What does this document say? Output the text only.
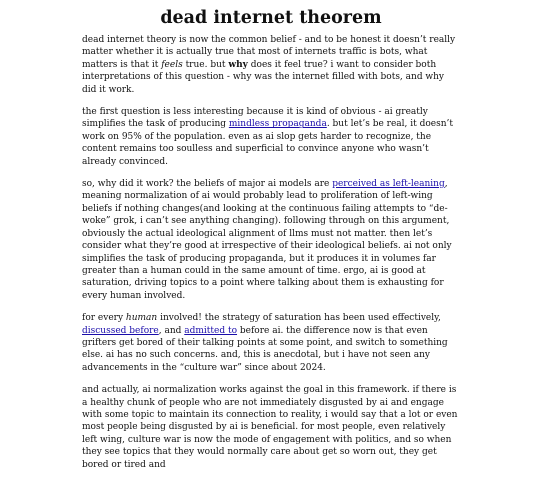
dead internet theorem

dead internet theory is now the common belief - and to be honest it doesn’t really matter whether it is actually true that most of internets traffic is bots, what matters is that it feels true. but why does it feel true? i want to consider both interpretations of this question - why was the internet filled with bots, and why did it work.

the first question is less interesting because it is kind of obvious - ai greatly simplifies the task of producing mindless propaganda. but let’s be real, it doesn’t work on 95% of the population. even as ai slop gets harder to recognize, the content remains too soulless and superficial to convince anyone who wasn’t already convinced.

so, why did it work? the beliefs of major ai models are perceived as left-leaning, meaning normalization of ai would probably lead to proliferation of left-wing beliefs if nothing changes(and looking at the continuous failing attempts to “de-woke” grok, i can’t see anything changing). following through on this argument, obviously the actual ideological alignment of llms must not matter. then let’s consider what they’re good at irrespective of their ideological beliefs. ai not only simplifies the task of producing propaganda, but it produces it in volumes far greater than a human could in the same amount of time. ergo, ai is good at saturation, driving topics to a point where talking about them is exhausting for every human involved.

for every human involved! the strategy of saturation has been used effectively, discussed before, and admitted to before ai. the difference now is that even grifters get bored of their talking points at some point, and switch to something else. ai has no such concerns. and, this is anecdotal, but i have not seen any advancements in the “culture war” since about 2024.

and actually, ai normalization works against the goal in this framework. if there is a healthy chunk of people who are not immediately disgusted by ai and engage with some topic to maintain its connection to reality, i would say that a lot or even most people being disgusted by ai is beneficial. for most people, even relatively left wing, culture war is now the mode of engagement with politics, and so when they see topics that they would normally care about get so worn out, they get bored or tired and
